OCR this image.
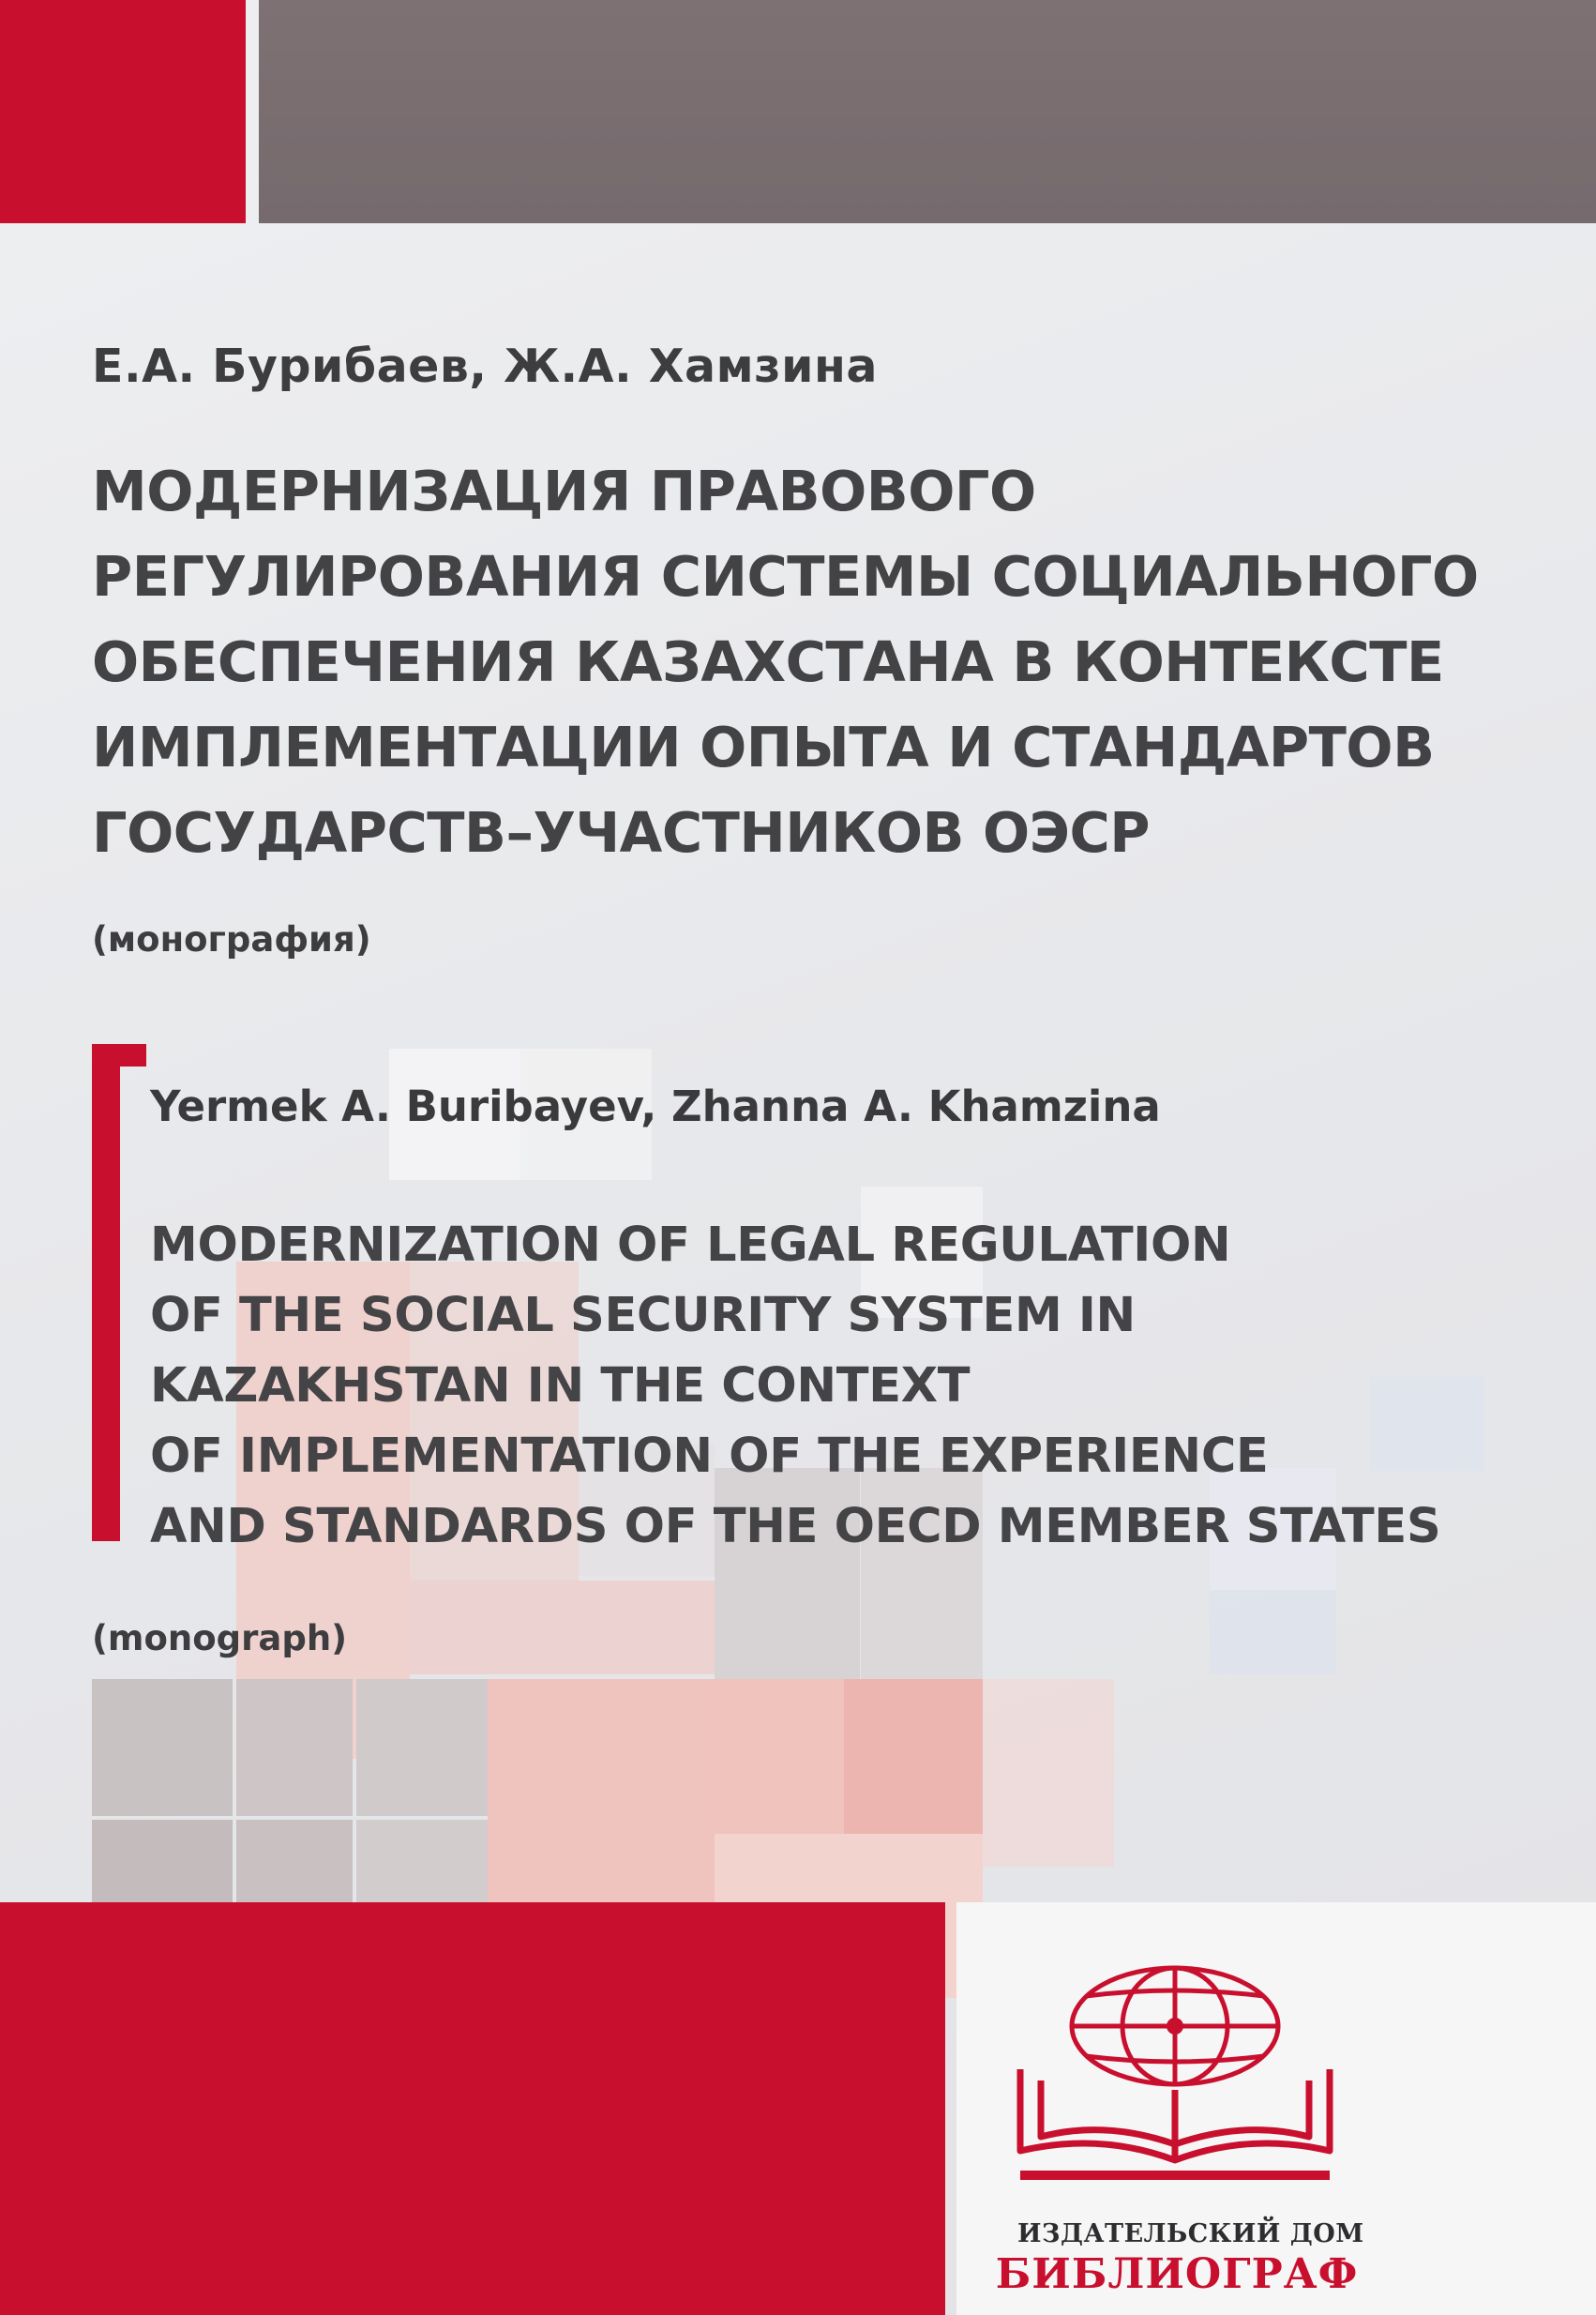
Е.А. Бурибаев, Ж.А. Хамзина
МОДЕРНИЗАЦИЯ ПРАВОВОГО
РЕГУЛИРОВАНИЯ СИСТЕМЫ СОЦИАЛЬНОГО
ОБЕСПЕЧЕНИЯ КАЗАХСТАНА В КОНТЕКСТЕ
ИМПЛЕМЕНТАЦИИ ОПЫТА И СТАНДАРТОВ
ГОСУДАРСТВ–УЧАСТНИКОВ ОЭСР
(монография)
Yermek A. Buribayev, Zhanna A. Khamzina
MODERNIZATION OF LEGAL REGULATION
OF THE SOCIAL SECURITY SYSTEM IN
KAZAKHSTAN IN THE CONTEXT
OF IMPLEMENTATION OF THE EXPERIENCE
AND STANDARDS OF THE OECD MEMBER STATES
(monograph)
ИЗДАТЕЛЬСКИЙ ДОМ
БИБЛИОГРАФ
